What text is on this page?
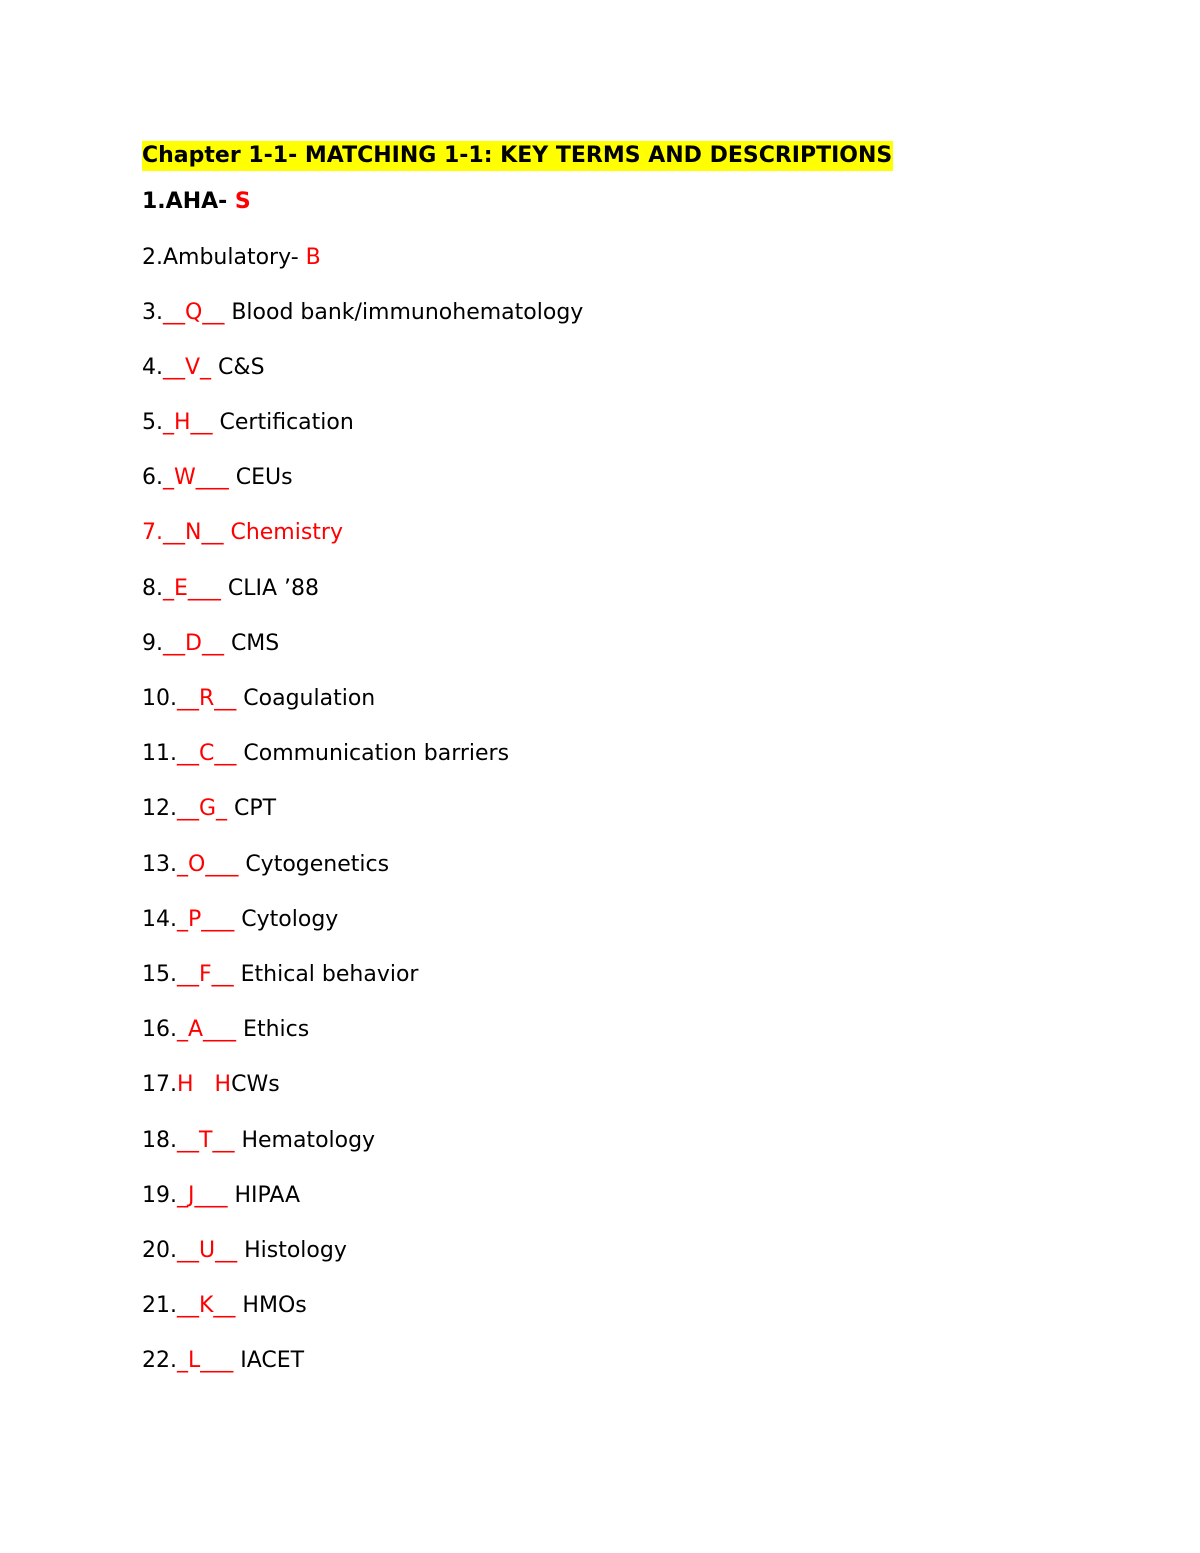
Chapter 1-1- MATCHING 1-1: KEY TERMS AND DESCRIPTIONS
1.AHA- S
2.Ambulatory- B
3.__Q__ Blood bank/immunohematology
4.__V_ C&S
5._H__ Certification
6._W___ CEUs
7.__N__ Chemistry
8._E___ CLIA ’88
9.__D__ CMS
10.__R__ Coagulation
11.__C__ Communication barriers
12.__G_ CPT
13._O___ Cytogenetics
14._P___ Cytology
15.__F__ Ethical behavior
16._A___ Ethics
17.H   HCWs
18.__T__ Hematology
19._J___ HIPAA
20.__U__ Histology
21.__K__ HMOs
22._L___ IACET
